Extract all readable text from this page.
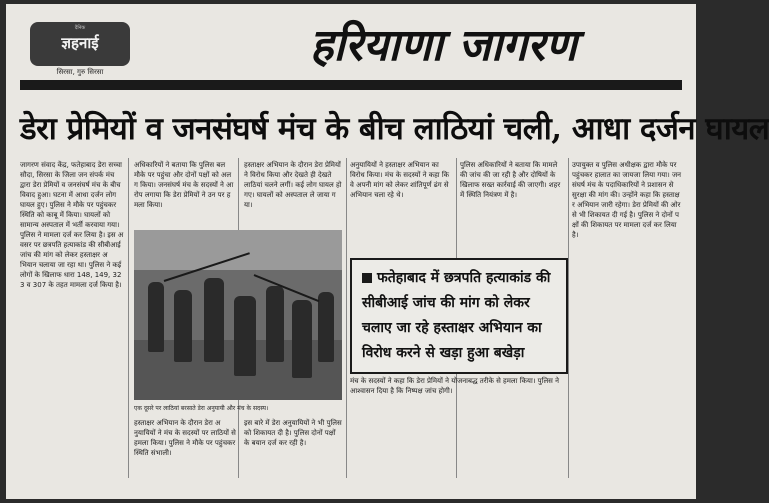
दैनिक
ज्ञहनाई
सिरसा, गुरु सिरसा
हरियाणा जागरण
डेरा प्रेमियों व जनसंघर्ष मंच के बीच लाठियां चली, आधा दर्जन घायल
जागरण संवाद केंद्र, फतेहाबाद डेरा सच्चा सौदा, सिरसा के जिला जन संपर्क मंच द्वारा डेरा प्रेमियों व जनसंघर्ष मंच के बीच विवाद हुआ। घटना में आधा दर्जन लोग घायल हुए। पुलिस ने मौके पर पहुंचकर स्थिति को काबू में किया। घायलों को सामान्य अस्पताल में भर्ती करवाया गया। पुलिस ने मामला दर्ज कर लिया है। इस अवसर पर छत्रपति हत्याकांड की सीबीआई जांच की मांग को लेकर हस्ताक्षर अभियान चलाया जा रहा था। पुलिस ने कई लोगों के खिलाफ धारा 148, 149, 323 व 307 के तहत मामला दर्ज किया है।
अधिकारियों ने बताया कि पुलिस बल मौके पर पहुंचा और दोनों पक्षों को अलग किया। जनसंघर्ष मंच के सदस्यों ने आरोप लगाया कि डेरा प्रेमियों ने उन पर हमला किया।
हस्ताक्षर अभियान के दौरान डेरा प्रेमियों ने विरोध किया और देखते ही देखते लाठियां चलने लगीं। कई लोग घायल हो गए। घायलों को अस्पताल ले जाया गया।
अनुयायियों ने हस्ताक्षर अभियान का विरोध किया। मंच के सदस्यों ने कहा कि वे अपनी मांग को लेकर शांतिपूर्ण ढंग से अभियान चला रहे थे।
पुलिस अधिकारियों ने बताया कि मामले की जांच की जा रही है और दोषियों के खिलाफ सख्त कार्रवाई की जाएगी। शहर में स्थिति नियंत्रण में है।
उपायुक्त व पुलिस अधीक्षक द्वारा मौके पर पहुंचकर हालात का जायजा लिया गया। जनसंघर्ष मंच के पदाधिकारियों ने प्रशासन से सुरक्षा की मांग की। उन्होंने कहा कि हस्ताक्षर अभियान जारी रहेगा। डेरा प्रेमियों की ओर से भी शिकायत दी गई है। पुलिस ने दोनों पक्षों की शिकायत पर मामला दर्ज कर लिया है।
एक दूसरे पर लाठियां बरसाते डेरा अनुयायी और मंच के सदस्य।
फतेहाबाद में छत्रपति हत्याकांड की सीबीआई जांच की मांग को लेकर चलाए जा रहे हस्ताक्षर अभियान का विरोध करने से खड़ा हुआ बखेड़ा
हस्ताक्षर अभियान के दौरान डेरा अनुयायियों ने मंच के सदस्यों पर लाठियों से हमला किया। पुलिस ने मौके पर पहुंचकर स्थिति संभाली।
इस बारे में डेरा अनुयायियों ने भी पुलिस को शिकायत दी है। पुलिस दोनों पक्षों के बयान दर्ज कर रही है।
मंच के सदस्यों ने कहा कि डेरा प्रेमियों ने योजनाबद्ध तरीके से हमला किया। पुलिस ने आश्वासन दिया है कि निष्पक्ष जांच होगी।
